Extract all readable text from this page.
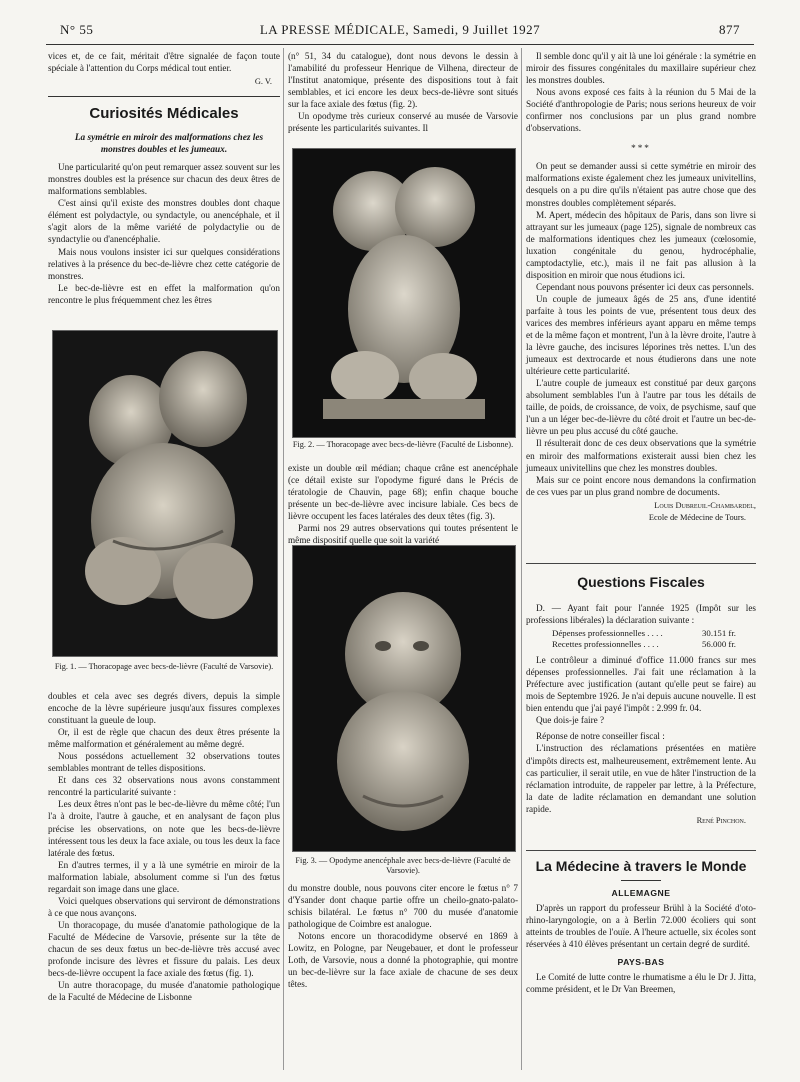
N° 55	LA PRESSE MÉDICALE, Samedi, 9 Juillet 1927	877

vices et, de ce fait, méritait d'être signalée de façon toute spéciale à l'attention du Corps médical tout entier.

G. V.
Curiosités Médicales

La symétrie en miroir des malformations chez les monstres doubles et les jumeaux.

Une particularité qu'on peut remarquer assez souvent sur les monstres doubles est la présence sur chacun des deux êtres de malformations semblables.

C'est ainsi qu'il existe des monstres doubles dont chaque élément est polydactyle, ou syndactyle, ou anencéphale, et il s'agit alors de la même variété de polydactylie ou de syndactylie ou d'anencéphalie.

Mais nous voulons insister ici sur quelques considérations relatives à la présence du bec-de-lièvre chez cette catégorie de monstres.

Le bec-de-lièvre est en effet la malformation qu'on rencontre le plus fréquemment chez les êtres

Fig. 1. — Thoracopage avec becs-de-lièvre (Faculté de Varsovie).

doubles et cela avec ses degrés divers, depuis la simple encoche de la lèvre supérieure jusqu'aux fissures complexes constituant la gueule de loup.

Or, il est de règle que chacun des deux êtres présente la même malformation et généralement au même degré.

Nous possédons actuellement 32 observations toutes semblables montrant de telles dispositions.

Et dans ces 32 observations nous avons constamment rencontré la particularité suivante :

Les deux êtres n'ont pas le bec-de-lièvre du même côté; l'un l'a à droite, l'autre à gauche, et en analysant de façon plus précise les observations, on note que les becs-de-lièvre intéressent tous les deux la face axiale, ou tous les deux la face latérale des fœtus.

En d'autres termes, il y a là une symétrie en miroir de la malformation labiale, absolument comme si l'un des fœtus regardait son image dans une glace.

Voici quelques observations qui serviront de démonstrations à ce que nous avançons.

Un thoracopage, du musée d'anatomie pathologique de la Faculté de Médecine de Varsovie, présente sur la tête de chacun de ses deux fœtus un bec-de-lièvre très accusé avec profonde incisure des lèvres et fissure du palais. Les deux becs-de-lièvre occupent la face axiale des fœtus (fig. 1).

Un autre thoracopage, du musée d'anatomie pathologique de la Faculté de Médecine de Lisbonne

(n° 51, 34 du catalogue), dont nous devons le dessin à l'amabilité du professeur Henrique de Vilhena, directeur de l'Institut anatomique, présente des dispositions tout à fait semblables, et ici encore les deux becs-de-lièvre sont situés sur la face axiale des fœtus (fig. 2).

Un opodyme très curieux conservé au musée de Varsovie présente les particularités suivantes. Il

Fig. 2. — Thoracopage avec becs-de-lièvre (Faculté de Lisbonne).

existe un double œil médian; chaque crâne est anencéphale (ce détail existe sur l'opodyme figuré dans le Précis de tératologie de Chauvin, page 68); enfin chaque bouche présente un bec-de-lièvre avec incisure labiale. Ces becs de lièvre occupent les faces latérales des deux têtes (fig. 3).

Parmi nos 29 autres observations qui toutes présentent le même dispositif quelle que soit la variété

Fig. 3. — Opodyme anencéphale avec becs-de-lièvre (Faculté de Varsovie).

du monstre double, nous pouvons citer encore le fœtus n° 7 d'Ysander dont chaque partie offre un cheilo-gnato-palato-schisis bilatéral. Le fœtus n° 700 du musée d'anatomie pathologique de Coimbre est analogue.

Notons encore un thoracodidyme observé en 1869 à Lowitz, en Pologne, par Neugebauer, et dont le professeur Loth, de Varsovie, nous a donné la photographie, qui montre un bec-de-lièvre sur la face axiale de chacune de ses deux têtes.

Il semble donc qu'il y ait là une loi générale : la symétrie en miroir des fissures congénitales du maxillaire supérieur chez les monstres doubles.

Nous avons exposé ces faits à la réunion du 5 Mai de la Société d'anthropologie de Paris; nous serions heureux de voir confirmer nos conclusions par un plus grand nombre d'observations.

***

On peut se demander aussi si cette symétrie en miroir des malformations existe également chez les jumeaux univitellins, desquels on a pu dire qu'ils n'étaient pas autre chose que des monstres doubles complètement séparés.

M. Apert, médecin des hôpitaux de Paris, dans son livre si attrayant sur les jumeaux (page 125), signale de nombreux cas de malformations identiques chez les jumeaux (cœlosomie, luxation congénitale du genou, hydrocéphalie, camptodactylie, etc.), mais il ne fait pas allusion à la disposition en miroir que nous étudions ici.

Cependant nous pouvons présenter ici deux cas personnels.

Un couple de jumeaux âgés de 25 ans, d'une identité parfaite à tous les points de vue, présentent tous deux des varices des membres inférieurs ayant apparu en même temps et de la même façon et montrent, l'un à la lèvre droite, l'autre à la lèvre gauche, des incisures léporines très nettes. L'un des jumeaux est dextrocarde et nous étudierons dans une note ultérieure cette particularité.

L'autre couple de jumeaux est constitué par deux garçons absolument semblables l'un à l'autre par tous les détails de taille, de poids, de croissance, de voix, de psychisme, sauf que l'un a un léger bec-de-lièvre du côté droit et l'autre un bec-de-lièvre un peu plus accusé du côté gauche.

Il résulterait donc de ces deux observations que la symétrie en miroir des malformations existerait aussi bien chez les jumeaux univitellins que chez les monstres doubles.

Mais sur ce point encore nous demandons la confirmation de ces vues par un plus grand nombre de documents.

Louis Dubreuil-Chambardel,
Ecole de Médecine de Tours.
Questions Fiscales

D. — Ayant fait pour l'année 1925 (Impôt sur les professions libérales) la déclaration suivante :

Dépenses professionnelles . . . .	30.151 fr.
Recettes professionnelles . . . .	56.000 fr.

Le contrôleur a diminué d'office 11.000 francs sur mes dépenses professionnelles. J'ai fait une réclamation à la Préfecture avec justification (autant qu'elle peut se faire) au mois de Septembre 1926. Je n'ai depuis aucune nouvelle. Il est bien entendu que j'ai payé l'impôt : 2.999 fr. 04.

Que dois-je faire ?

Réponse de notre conseiller fiscal :

L'instruction des réclamations présentées en matière d'impôts directs est, malheureusement, extrêmement lente. Au cas particulier, il serait utile, en vue de hâter l'instruction de la réclamation introduite, de rappeler par lettre, à la Préfecture, la date de ladite réclamation en demandant une solution rapide.

René Pinchon.
La Médecine à travers le Monde
ALLEMAGNE

D'après un rapport du professeur Brühl à la Société d'oto-rhino-laryngologie, on a à Berlin 72.000 écoliers qui sont atteints de troubles de l'ouïe. A l'heure actuelle, six écoles sont réservées à 410 élèves présentant un certain degré de surdité.

PAYS-BAS

Le Comité de lutte contre le rhumatisme a élu le Dr J. Jitta, comme président, et le Dr Van Breemen,
